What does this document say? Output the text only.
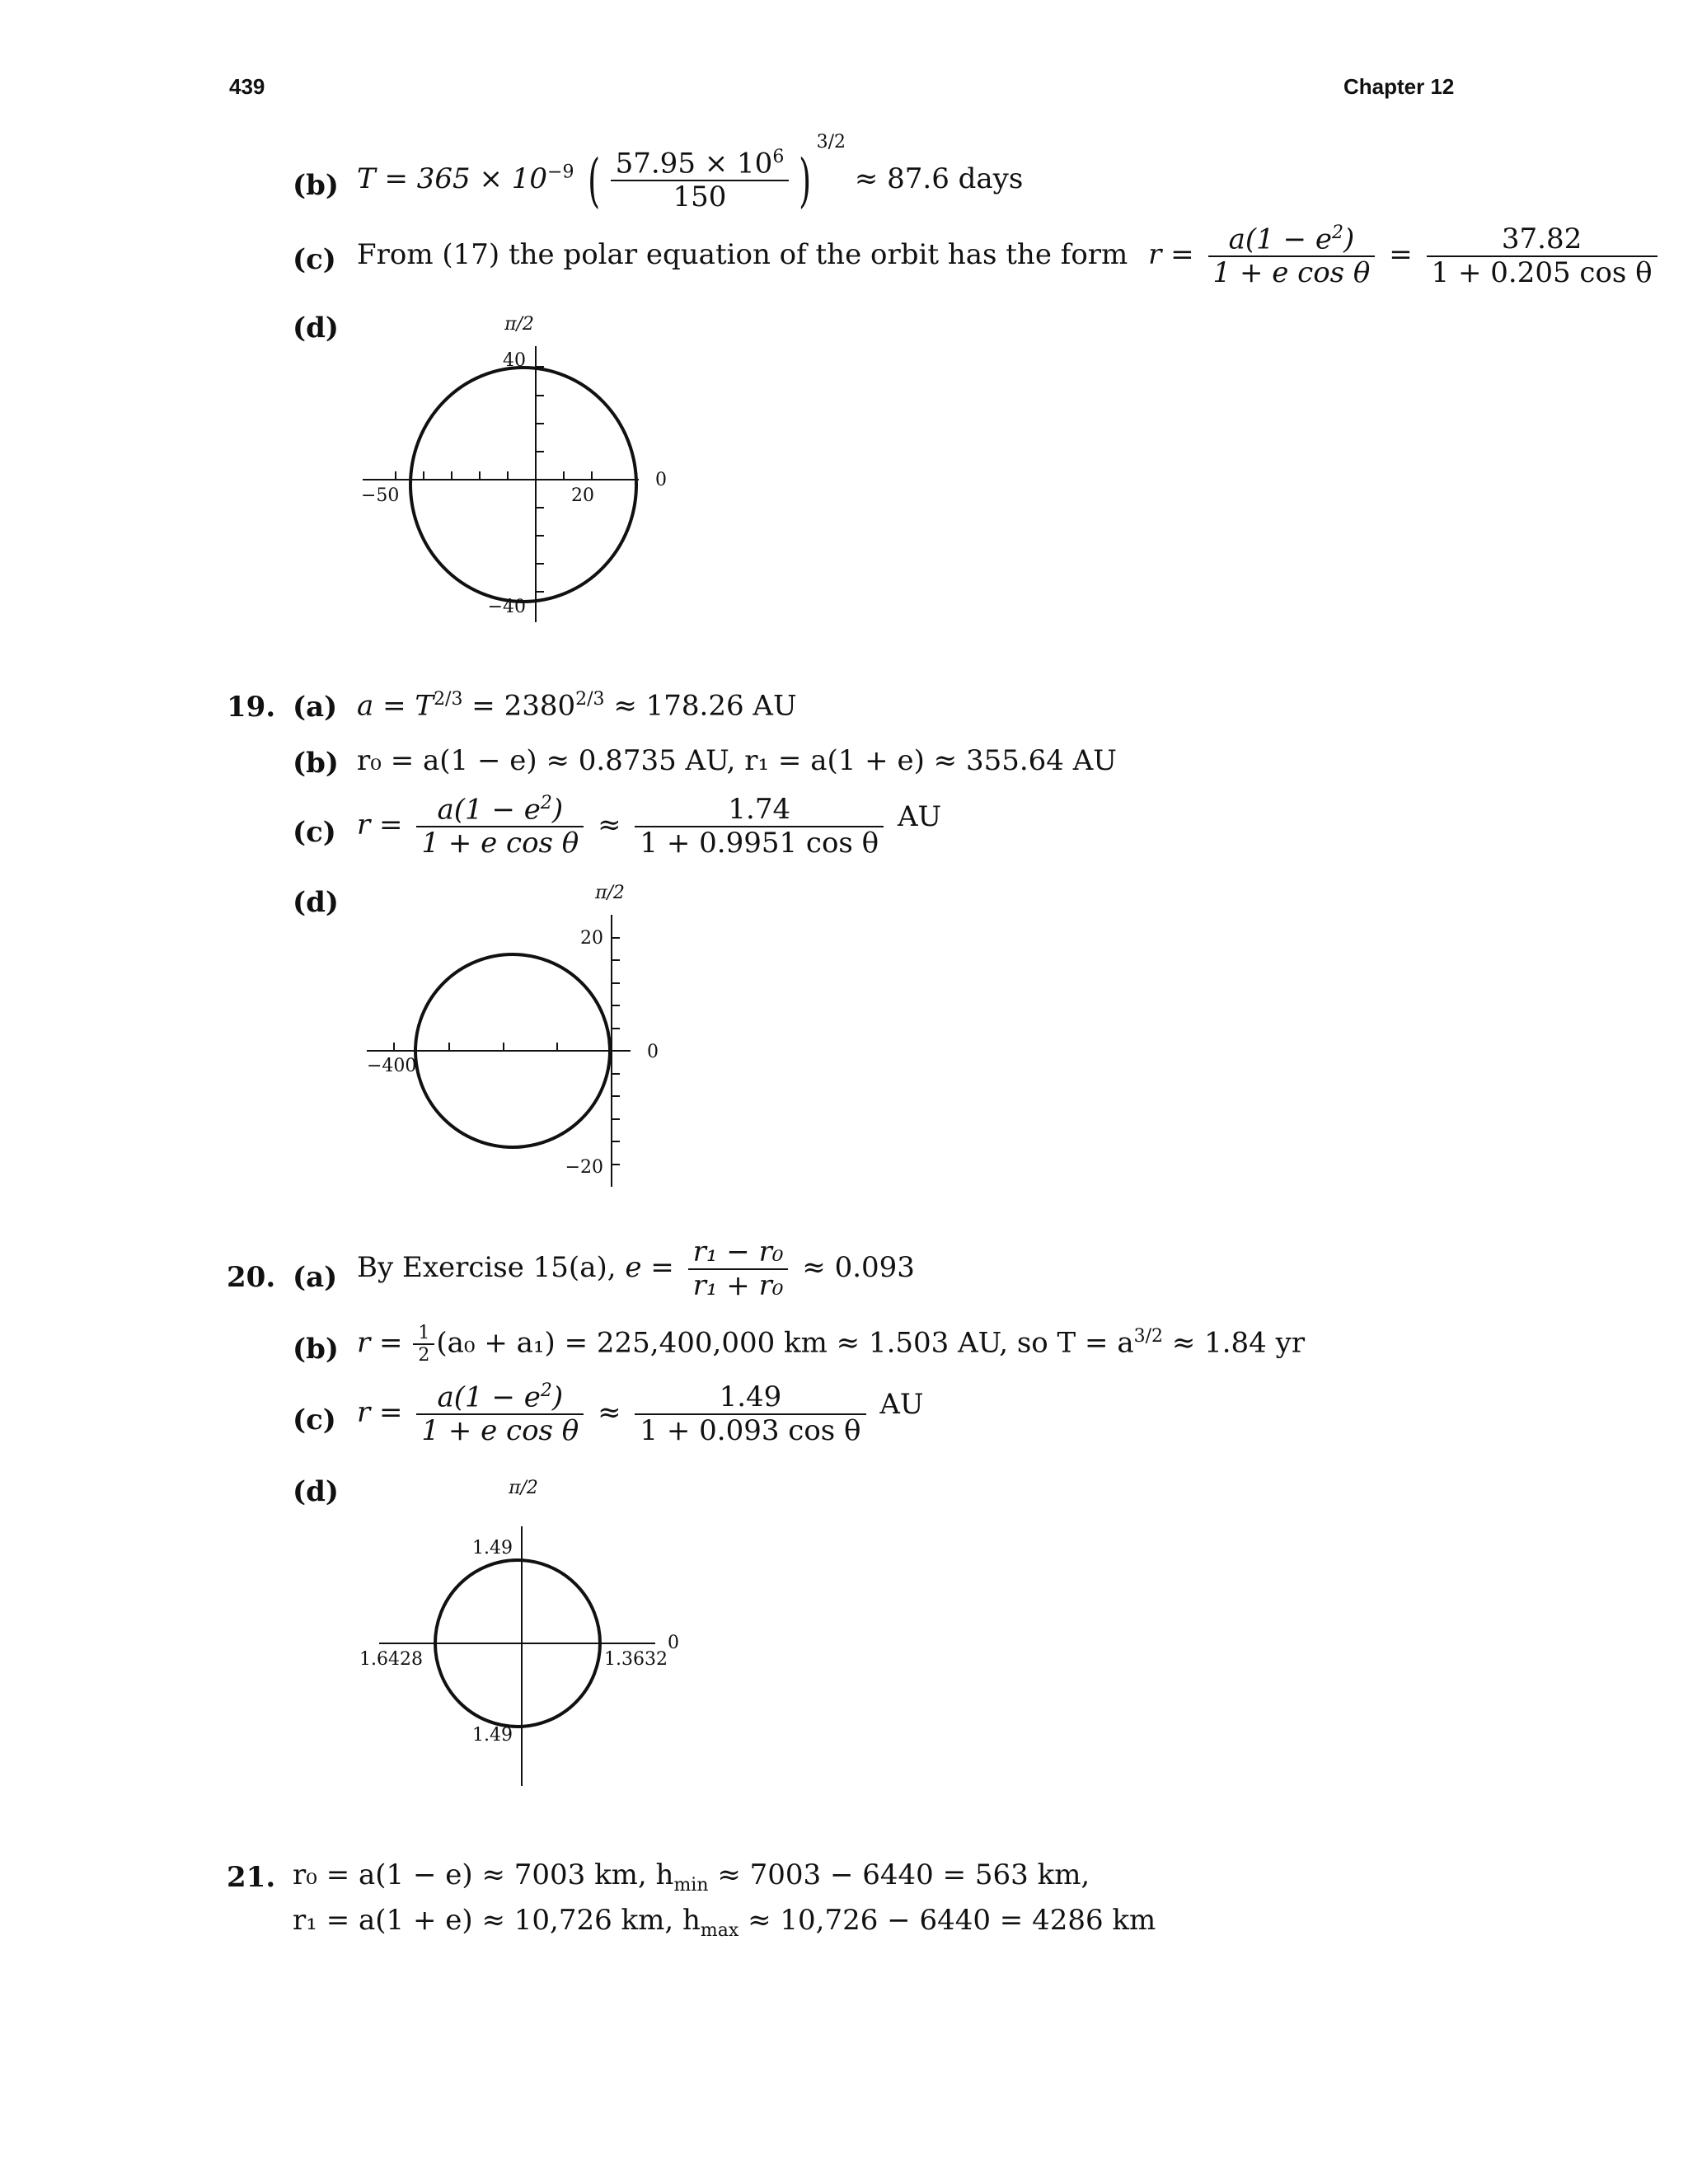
439	Chapter 12
(b) $T = 365 \times 10^{-9}$ ( $\frac{57.95 \times 10^6}{150} )^{3/2} \approx 87.6$ days
(c) From (17) the polar equation of the orbit has the form $r = \frac{a(1 - e^2)}{\text{1 + e cos θ}} = \frac{37.82}{\text{1 + 0.205 cos θ}}$
(d)	π/2
40
−40
−50	20
0
19. (a) $a = T^{2/3} = 2380^{2/3} \approx 178.26$ AU
(b) r₀ = a(1 − e) ≈ 0.8735 AU, r₁ = a(1 + e) ≈ 355.64 AU
(c) $r = \frac{a(1 - e^2)}{\text{1 + e cos θ}} \approx \frac{1.74}{\text{1 + 0.9951 cos θ}}$ AU
(d)	π/2
20
−20
−400
0
20. (a) By Exercise 15(a), $e = \frac{\text{r₁ − r₀}}{\text{r₁ + r₀}} \approx 0.093$
(b) $r = \frac{1}{2} (a_0 + a_1) = 225,400,000$ km ≈ 1.503 AU, so $T = a^{3/2} \approx 1.84$ yr
(c) $r = \frac{a(1 - e^2)}{\text{1 + e cos θ}} \approx \frac{1.49}{\text{1 + 0.093 cos θ}}$ AU
(d)	π/2
1.49
1.49
1.6428	1.3632
0
21. r₀ = a(1 − e) ≈ 7003 km, $h_{min} \approx 7003 - 6440 = 563$ km,
r₁ = a(1 + e) ≈ 10,726 km, $h_{max} \approx 10,726 - 6440 = 4286$ km
